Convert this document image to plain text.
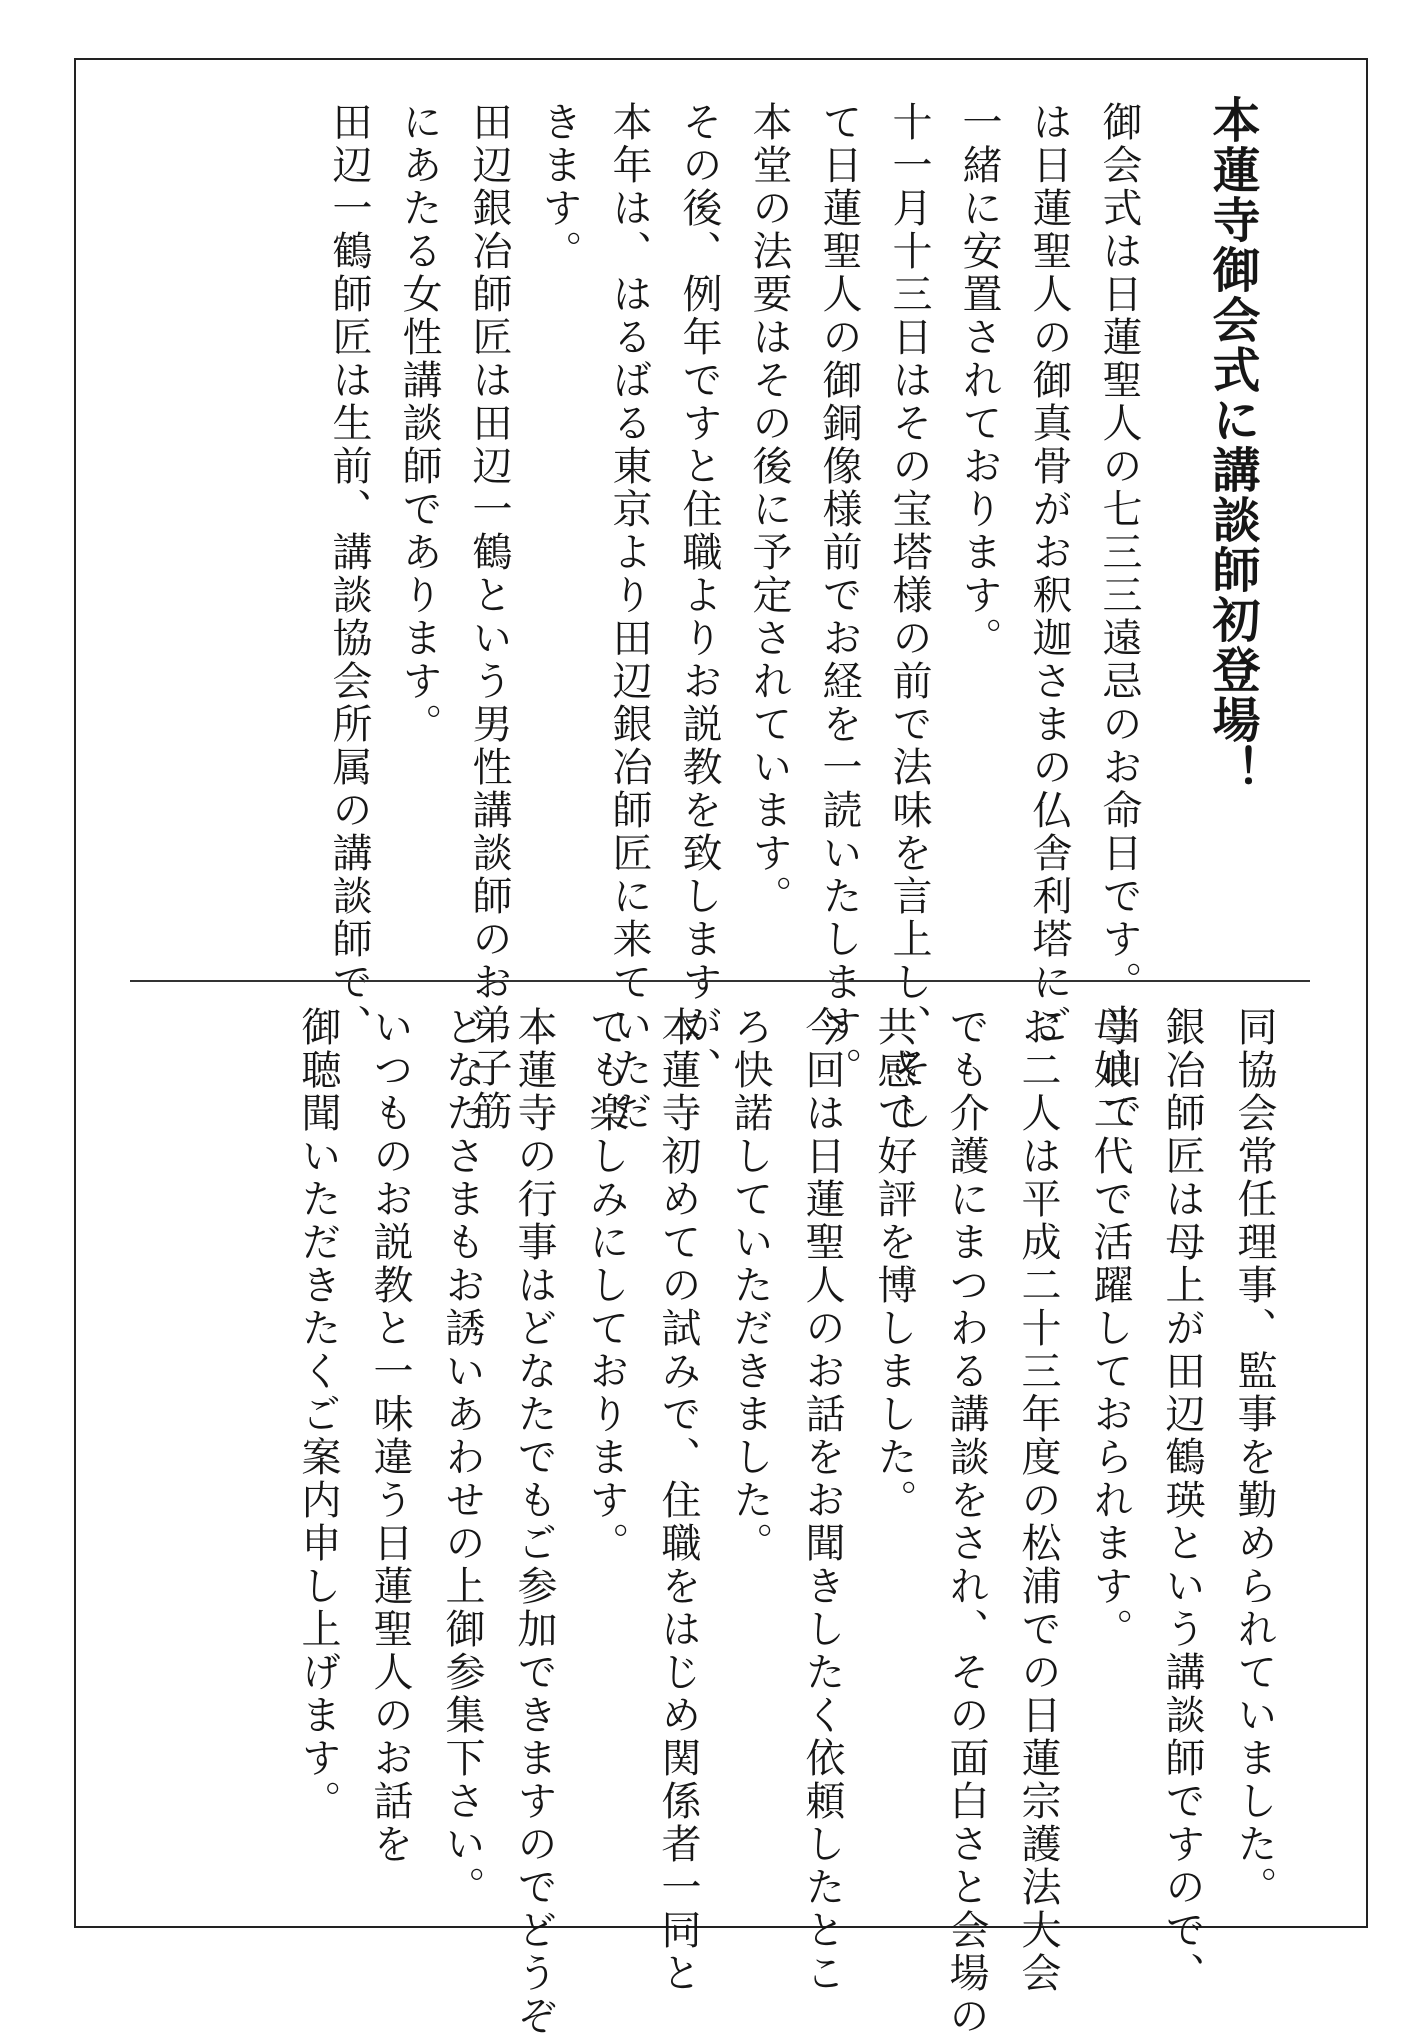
本蓮寺御会式に講談師初登場！

御会式は日蓮聖人の七三三遠忌のお命日です。当山で

は日蓮聖人の御真骨がお釈迦さまの仏舎利塔にご

一緒に安置されております。

十一月十三日はその宝塔様の前で法味を言上し、そし

て日蓮聖人の御銅像様前でお経を一読いたします。

本堂の法要はその後に予定されています。

その後、例年ですと住職よりお説教を致しますが、

本年は、はるばる東京より田辺銀冶師匠に来ていただ

きます。

田辺銀冶師匠は田辺一鶴という男性講談師のお弟子筋

にあたる女性講談師であります。

田辺一鶴師匠は生前、講談協会所属の講談師で、

同協会常任理事、監事を勤められていました。

銀冶師匠は母上が田辺鶴瑛という講談師ですので、

母娘二代で活躍しておられます。

お二人は平成二十三年度の松浦での日蓮宗護法大会

でも介護にまつわる講談をされ、その面白さと会場の

共感で好評を博しました。

今回は日蓮聖人のお話をお聞きしたく依頼したとこ

ろ快諾していただきました。

本蓮寺初めての試みで、住職をはじめ関係者一同と

ても楽しみにしております。

本蓮寺の行事はどなたでもご参加できますのでどうぞ

どなたさまもお誘いあわせの上御参集下さい。

いつものお説教と一味違う日蓮聖人のお話を

御聴聞いただきたくご案内申し上げます。
